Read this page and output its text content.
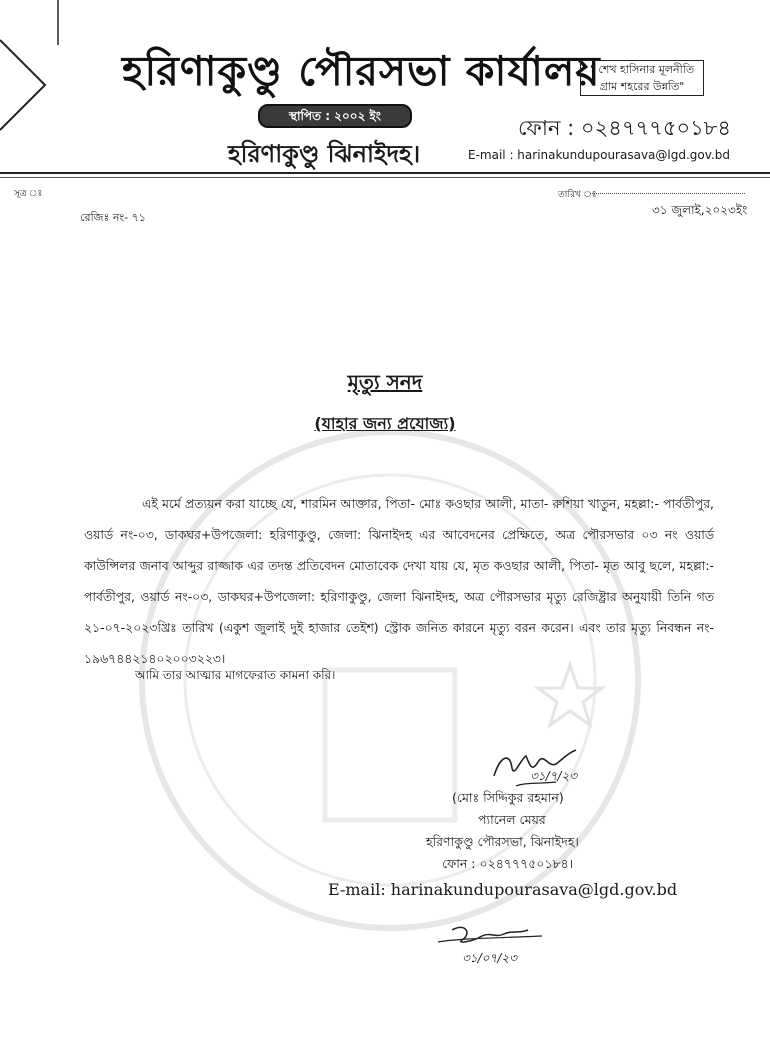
হরিণাকুণ্ডু পৌরসভা কার্যালয়
" শেখ হাসিনার মূলনীতি
গ্রাম শহরের উন্নতি"
স্থাপিত : ২০০২ ইং	ফোন : ০২৪৭৭৭৫০১৮৪
হরিণাকুণ্ডু ঝিনাইদহ।	E-mail : harinakundupourasava@lgd.gov.bd
সূত্র ঃ	তারিখ ঃ
৩১ জুলাই,২০২৩ইং
রেজিঃ নং- ৭১
মৃত্যু সনদ
(যাহার জন্য প্রযোজ্য)
এই মর্মে প্রত্যয়ন করা যাচ্ছে যে, শারমিন আক্তার, পিতা- মোঃ কওছার আলী, মাতা- রুশিয়া খাতুন, মহল্লা:- পার্বতীপুর, ওয়ার্ড নং-০৩, ডাকঘর+উপজেলা: হরিণাকুণ্ডু, জেলা: ঝিনাইদহ এর আবেদনের প্রেক্ষিতে, অত্র পৌরসভার ০৩ নং ওয়ার্ড কাউন্সিলর জনাব আব্দুর রাজ্জাক এর তদন্ত প্রতিবেদন মোতাবেক দেখা যায় যে, মৃত কওছার আলী, পিতা- মৃত আবু ছলে, মহল্লা:- পার্বতীপুর, ওয়ার্ড নং-০৩, ডাকঘর+উপজেলা: হরিণাকুণ্ডু, জেলা ঝিনাইদহ, অত্র পৌরসভার মৃত্যু রেজিষ্ট্রার অনুযায়ী তিনি গত ২১-০৭-২০২৩খ্রিঃ তারিখ (একুশ জুলাই দুই হাজার তেইশ) স্ট্রোক জনিত কারনে মৃত্যু বরন করেন। এবং তার মৃত্যু নিবন্ধন নং- ১৯৬৭৪৪২১৪০২০০৩২২৩।
আমি তার আত্মার মাগফেরাত কামনা করি।
৩১/৭/২৩
(মোঃ সিদ্দিকুর রহমান)
প্যানেল মেয়র
হরিণাকুণ্ডু পৌরসভা, ঝিনাইদহ।
ফোন : ০২৪৭৭৭৫০১৮৪।
E-mail: harinakundupourasava@lgd.gov.bd
৩১/০৭/২৩
